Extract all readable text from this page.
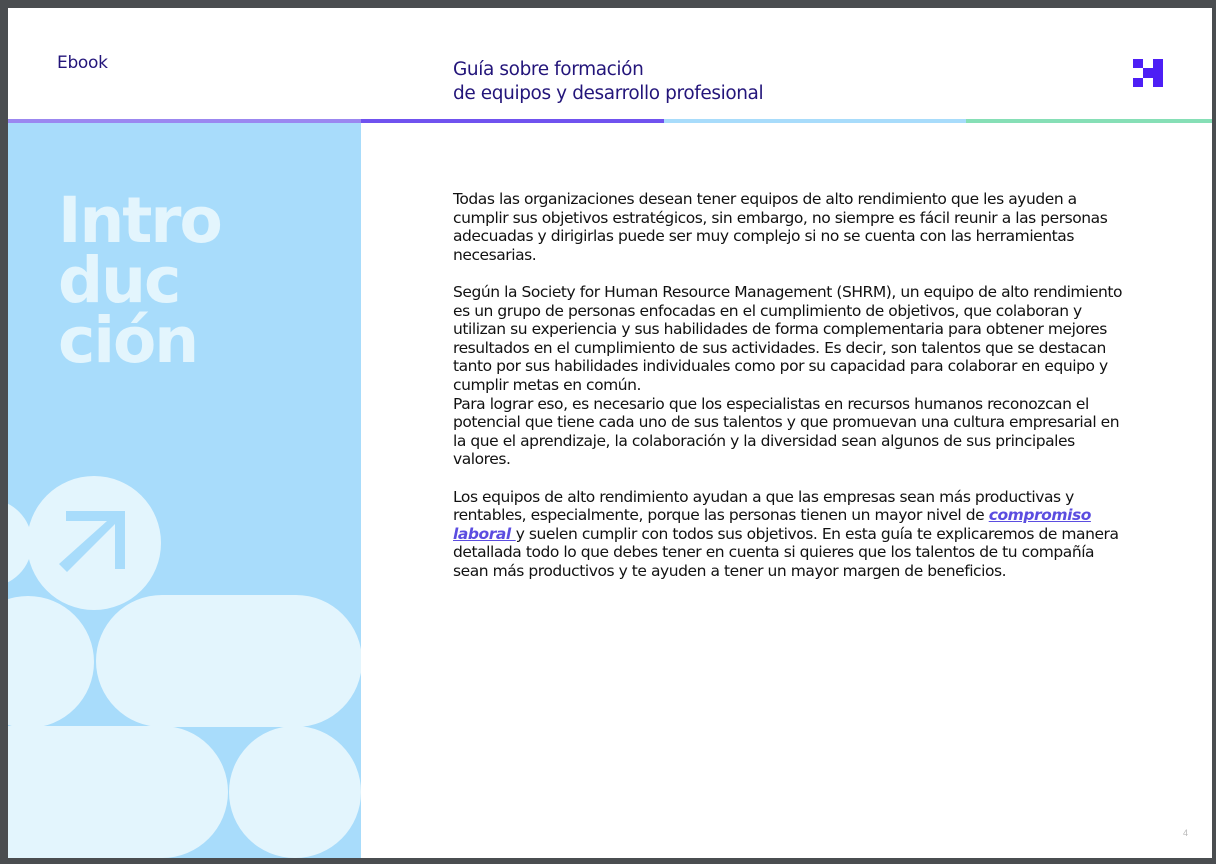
Ebook	Guía sobre formación
de equipos y desarrollo profesional
Intro
duc
ción

Todas las organizaciones desean tener equipos de alto rendimiento que les ayuden a cumplir sus objetivos estratégicos, sin embargo, no siempre es fácil reunir a las personas adecuadas y dirigirlas puede ser muy complejo si no se cuenta con las herramientas necesarias.

Según la Society for Human Resource Management (SHRM), un equipo de alto rendimiento es un grupo de personas enfocadas en el cumplimiento de objetivos, que colaboran y utilizan su experiencia y sus habilidades de forma complementaria para obtener mejores resultados en el cumplimiento de sus actividades. Es decir, son talentos que se destacan tanto por sus habilidades individuales como por su capacidad para colaborar en equipo y cumplir metas en común.

Para lograr eso, es necesario que los especialistas en recursos humanos reconozcan el potencial que tiene cada uno de sus talentos y que promuevan una cultura empresarial en la que el aprendizaje, la colaboración y la diversidad sean algunos de sus principales valores.

Los equipos de alto rendimiento ayudan a que las empresas sean más productivas y rentables, especialmente, porque las personas tienen un mayor nivel de compromiso laboral y suelen cumplir con todos sus objetivos. En esta guía te explicaremos de manera detallada todo lo que debes tener en cuenta si quieres que los talentos de tu compañía sean más productivos y te ayuden a tener un mayor margen de beneficios.

4
